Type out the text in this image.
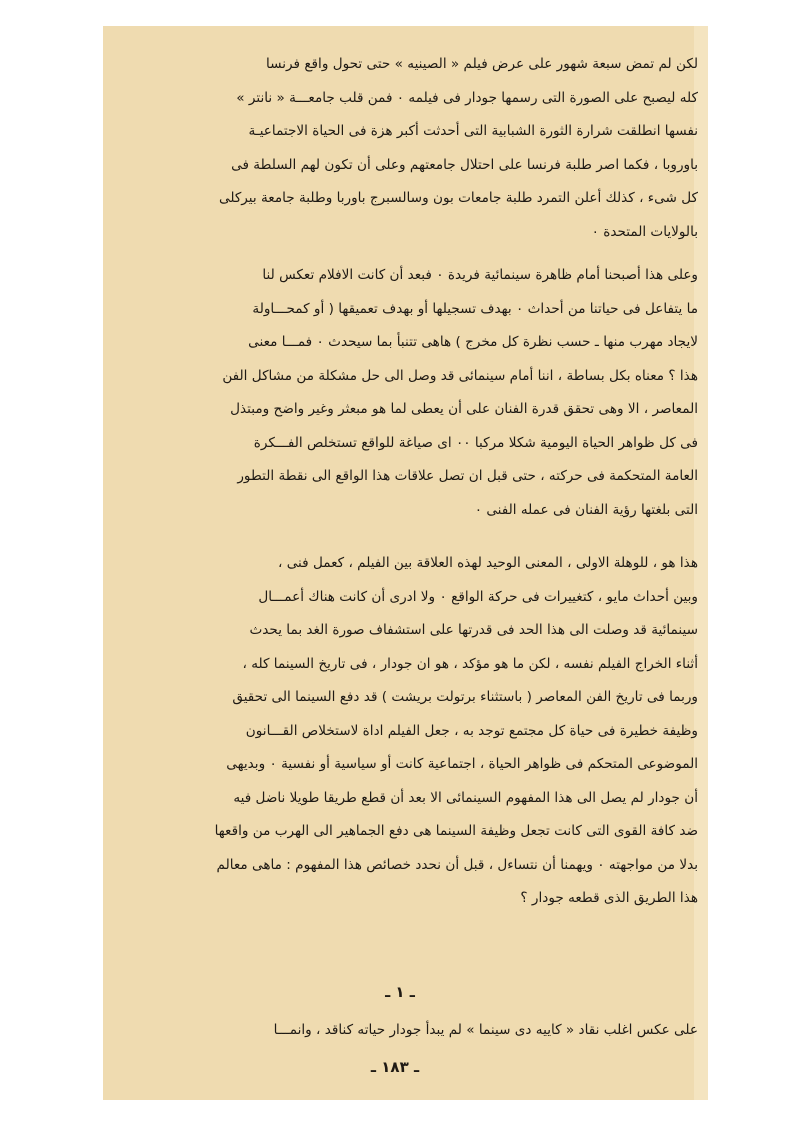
لكن لم تمض سبعة شهور على عرض فيلم « الصينيه » حتى تحول واقع فرنسا

كله ليصبح على الصورة التى رسمها جودار فى فيلمه ٠ فمن قلب جامعـــة « نانتر »

نفسها انطلقت شرارة الثورة الشبابية التى أحدثت أكبر هزة فى الحياة الاجتماعيـة

باوروبا ، فكما اصر طلبة فرنسا على احتلال جامعتهم وعلى أن تكون لهم السلطة فى

كل شىء ، كذلك أعلن التمرد طلبة جامعات بون وسالسبرج باوربا وطلبة جامعة بيركلى

بالولايات المتحدة ٠

وعلى هذا أصبحنا أمام ظاهرة سينمائية فريدة ٠ فبعد أن كانت الافلام تعكس لنا

ما يتفاعل فى حياتنا من أحداث ٠ بهدف تسجيلها أو بهدف تعميقها ( أو كمحـــاولة

لايجاد مهرب منها ـ حسب نظرة كل مخرج ) هاهى تتنبأ بما سيحدث ٠ فمـــا معنى

هذا ؟ معناه بكل بساطة ، اننا أمام سينمائى قد وصل الى حل مشكلة من مشاكل الفن

المعاصر ، الا وهى تحقق قدرة الفنان على أن يعطى لما هو مبعثر وغير واضح ومبتذل

فى كل ظواهر الحياة اليومية شكلا مركبا ٠٠ اى صياغة للواقع تستخلص الفـــكرة

العامة المتحكمة فى حركته ، حتى قبل ان تصل علاقات هذا الواقع الى نقطة التطور

التى بلغتها رؤية الفنان فى عمله الفنى ٠

هذا هو ، للوهلة الاولى ، المعنى الوحيد لهذه العلاقة بين الفيلم ، كعمل فنى ،

وبين أحداث مايو ، كتغييرات فى حركة الواقع ٠ ولا ادرى أن كانت هناك أعمـــال

سينمائية قد وصلت الى هذا الحد فى قدرتها على استشفاف صورة الغد بما يحدث

أثناء الخراج الفيلم نفسه ، لكن ما هو مؤكد ، هو ان جودار ، فى تاريخ السينما كله ،

وربما فى تاريخ الفن المعاصر ( باستثناء برتولت بريشت ) قد دفع السينما الى تحقيق

وظيفة خطيرة فى حياة كل مجتمع توجد به ، جعل الفيلم اداة لاستخلاص القـــانون

الموضوعى المتحكم فى ظواهر الحياة ، اجتماعية كانت أو سياسية أو نفسية ٠ وبديهى

أن جودار لم يصل الى هذا المفهوم السينمائى الا بعد أن قطع طريقا طويلا ناضل فيه

ضد كافة القوى التى كانت تجعل وظيفة السينما هى دفع الجماهير الى الهرب من واقعها

بدلا من مواجهته ٠ ويهمنا أن نتساءل ، قبل أن نحدد خصائص هذا المفهوم : ماهى معالم

هذا الطريق الذى قطعه جودار ؟

ـ ١ ـ
على عكس اغلب نقاد « كاييه دى سينما » لم يبدأ جودار حياته كناقد ، وانمـــا
ـ ١٨٣ ـ
